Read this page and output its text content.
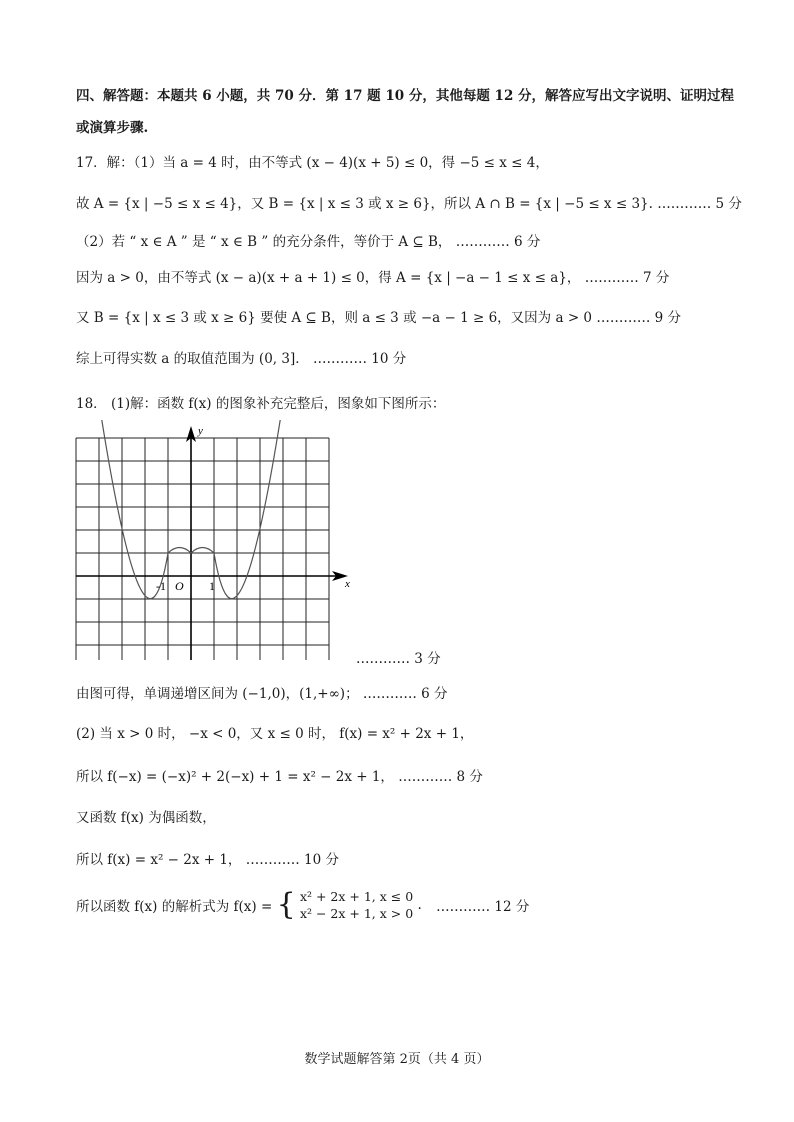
四、解答题：本题共 6 小题，共 70 分．第 17 题 10 分，其他每题 12 分，解答应写出文字说明、证明过程
或演算步骤.
17．解：（1）当 a = 4 时，由不等式 (x − 4)(x + 5) ≤ 0，得 −5 ≤ x ≤ 4，
故 A = {x | −5 ≤ x ≤ 4}，又 B = {x | x ≤ 3 或 x ≥ 6}，所以 A ∩ B = {x | −5 ≤ x ≤ 3}. ………… 5 分
（2）若 “ x ∈ A ” 是 “ x ∈ B ” 的充分条件，等价于 A ⊆ B， ………… 6 分
因为 a > 0，由不等式 (x − a)(x + a + 1) ≤ 0，得 A = {x | −a − 1 ≤ x ≤ a}， ………… 7 分
又 B = {x | x ≤ 3 或 x ≥ 6} 要使 A ⊆ B，则 a ≤ 3 或 −a − 1 ≥ 6，又因为 a > 0 ………… 9 分
综上可得实数 a 的取值范围为 (0, 3]． ………… 10 分
18． (1)解：函数 f(x) 的图象补充完整后，图象如下图所示：
y
x
O
-1	1
………… 3 分
由图可得，单调递增区间为 (−1,0)，(1,+∞)； ………… 6 分
(2) 当 x > 0 时， −x < 0，又 x ≤ 0 时， f(x) = x² + 2x + 1，
所以 f(−x) = (−x)² + 2(−x) + 1 = x² − 2x + 1， ………… 8 分
又函数 f(x) 为偶函数，
所以 f(x) = x² − 2x + 1， ………… 10 分
所以函数 f(x) 的解析式为 f(x) = { x² + 2x + 1, x ≤ 0
x² − 2x + 1, x > 0 . ………… 12 分
数学试题解答第 2页（共 4 页）
